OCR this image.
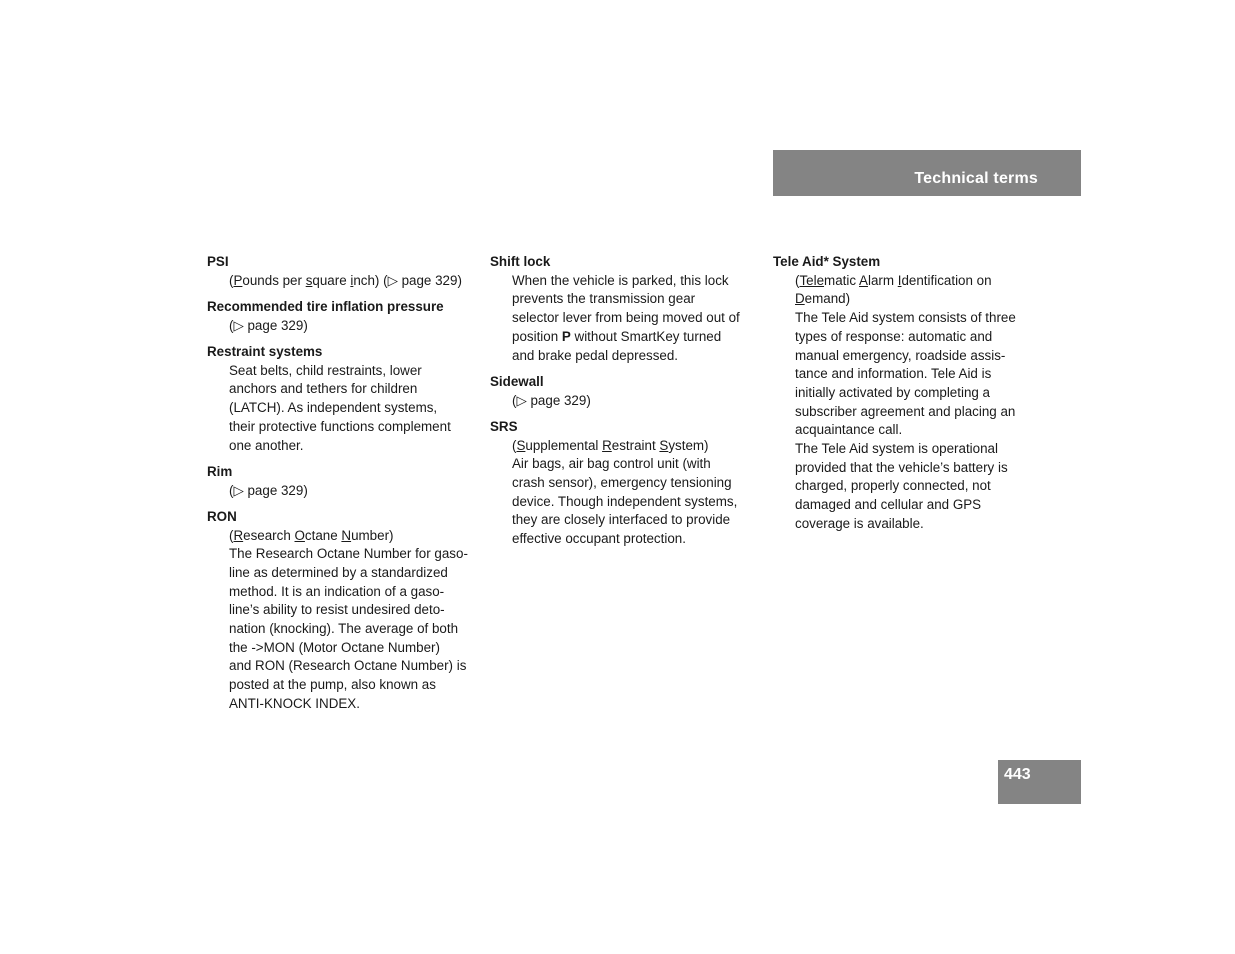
Technical terms

PSI

(Pounds per square inch) (▷ page 329)

Recommended tire inflation pressure

(▷ page 329)

Restraint systems

Seat belts, child restraints, lower
anchors and tethers for children
(LATCH). As independent systems,
their protective functions complement
one another.

Rim

(▷ page 329)

RON

(Research Octane Number)
The Research Octane Number for gaso-
line as determined by a standardized
method. It is an indication of a gaso-
line’s ability to resist undesired deto-
nation (knocking). The average of both
the ->MON (Motor Octane Number)
and RON (Research Octane Number) is
posted at the pump, also known as
ANTI-KNOCK INDEX.

Shift lock

When the vehicle is parked, this lock
prevents the transmission gear
selector lever from being moved out of
position P without SmartKey turned
and brake pedal depressed.

Sidewall

(▷ page 329)

SRS

(Supplemental Restraint System)
Air bags, air bag control unit (with
crash sensor), emergency tensioning
device. Though independent systems,
they are closely interfaced to provide
effective occupant protection.

Tele Aid* System

(Telematic Alarm Identification on
Demand)
The Tele Aid system consists of three
types of response: automatic and
manual emergency, roadside assis-
tance and information. Tele Aid is
initially activated by completing a
subscriber agreement and placing an
acquaintance call.
The Tele Aid system is operational
provided that the vehicle’s battery is
charged, properly connected, not
damaged and cellular and GPS
coverage is available.

443
